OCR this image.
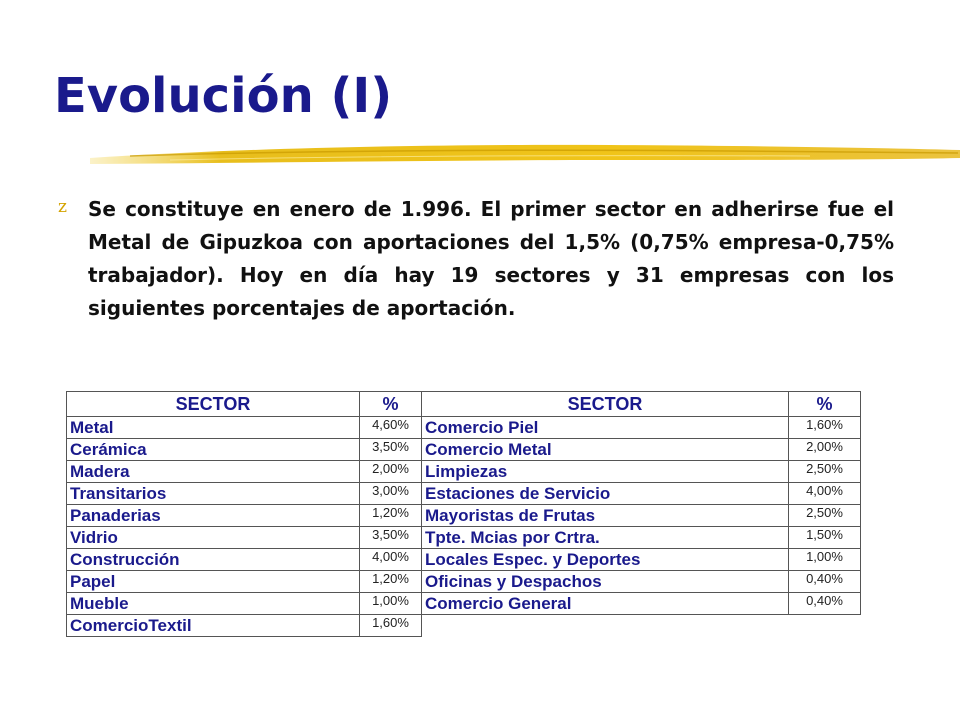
Evolución (I)
z Se constituye en enero de 1.996. El primer sector en adherirse fue el Metal de Gipuzkoa con aportaciones del 1,5% (0,75% empresa-0,75% trabajador). Hoy en día hay 19 sectores y 31 empresas con los siguientes porcentajes de aportación.
SECTOR	%	SECTOR	%
Metal	4,60%	Comercio Piel	1,60%
Cerámica	3,50%	Comercio Metal	2,00%
Madera	2,00%	Limpiezas	2,50%
Transitarios	3,00%	Estaciones de Servicio	4,00%
Panaderias	1,20%	Mayoristas de Frutas	2,50%
Vidrio	3,50%	Tpte. Mcias por Crtra.	1,50%
Construcción	4,00%	Locales Espec. y Deportes	1,00%
Papel	1,20%	Oficinas y Despachos	0,40%
Mueble	1,00%	Comercio General	0,40%
ComercioTextil	1,60%		
